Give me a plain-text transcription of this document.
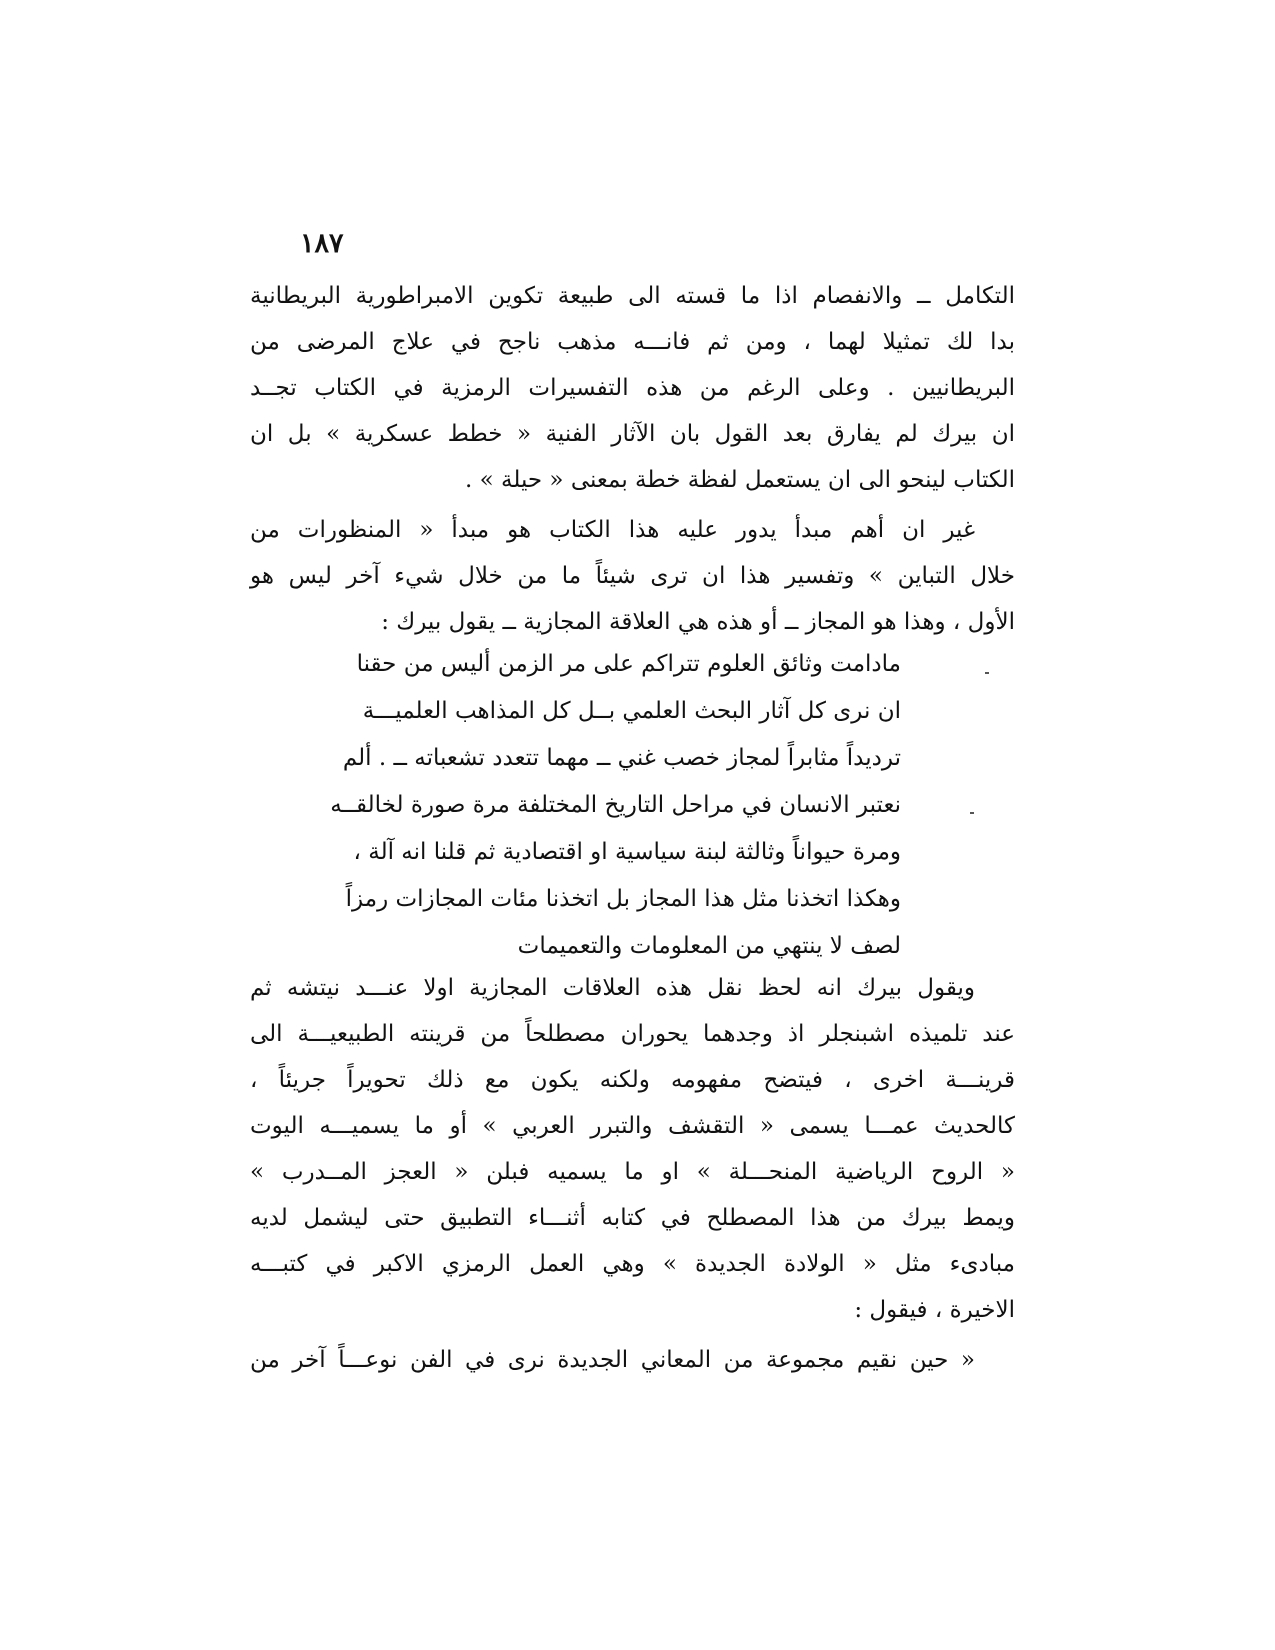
١٨٧
التكامل ــ والانفصام اذا ما قسته الى طبيعة تكوين الامبراطورية البريطانية
بدا لك تمثيلا لهما ، ومن ثم فانـــه مذهب ناجح في علاج المرضى من
البريطانيين . وعلى الرغم من هذه التفسيرات الرمزية في الكتاب تجــد
ان بيرك لم يفارق بعد القول بان الآثار الفنية « خطط عسكرية » بل ان
الكتاب لينحو الى ان يستعمل لفظة خطة بمعنى « حيلة » .
غير ان أهم مبدأ يدور عليه هذا الكتاب هو مبدأ « المنظورات من
خلال التباين » وتفسير هذا ان ترى شيئاً ما من خلال شيء آخر ليس هو
الأول ، وهذا هو المجاز ــ أو هذه هي العلاقة المجازية ــ يقول بيرك :
مادامت وثائق العلوم تتراكم على مر الزمن أليس من حقنا
ان نرى كل آثار البحث العلمي بــل كل المذاهب العلميـــة
ترديداً مثابراً لمجاز خصب غني ــ مهما تتعدد تشعباته ــ . ألم
نعتبر الانسان في مراحل التاريخ المختلفة مرة صورة لخالقــه
ومرة حيواناً وثالثة لبنة سياسية او اقتصادية ثم قلنا انه آلة ،
وهكذا اتخذنا مثل هذا المجاز بل اتخذنا مئات المجازات رمزاً
لصف لا ينتهي من المعلومات والتعميمات
ويقول بيرك انه لحظ نقل هذه العلاقات المجازية اولا عنـــد نيتشه ثم
عند تلميذه اشبنجلر اذ وجدهما يحوران مصطلحاً من قرينته الطبيعيـــة الى
قرينـــة اخرى ، فيتضح مفهومه ولكنه يكون مع ذلك تحويراً جريئاً ،
كالحديث عمـــا يسمى « التقشف والتبرر العربي » أو ما يسميـــه اليوت
« الروح الرياضية المنحـــلة » او ما يسميه فبلن « العجز المــدرب »
ويمط بيرك من هذا المصطلح في كتابه أثنـــاء التطبيق حتى ليشمل لديه
مبادىء مثل « الولادة الجديدة » وهي العمل الرمزي الاكبر في كتبـــه
الاخيرة ، فيقول :
« حين نقيم مجموعة من المعاني الجديدة نرى في الفن نوعـــاً آخر من
